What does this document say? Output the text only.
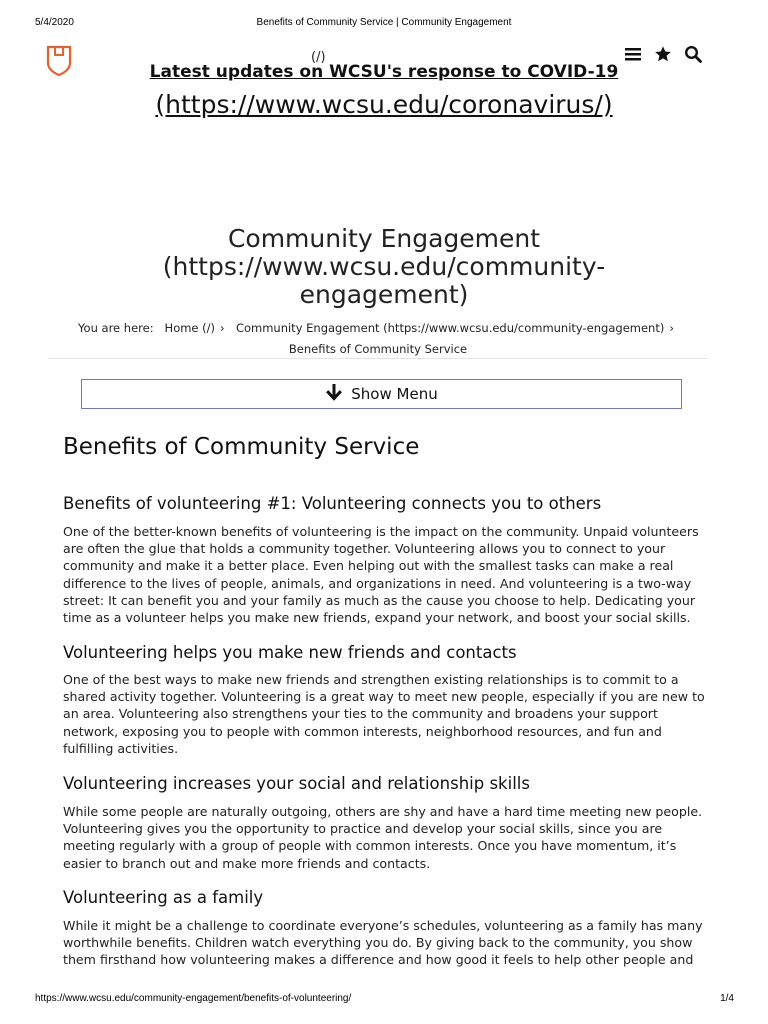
5/4/2020	Benefits of Community Service | Community Engagement
(/)
Latest updates on WCSU's response to COVID-19
(https://www.wcsu.edu/coronavirus/)
Community Engagement
(https://www.wcsu.edu/community-
engagement)
You are here: Home (/) › Community Engagement (https://www.wcsu.edu/community-engagement) ›
Benefits of Community Service
Show Menu
Benefits of Community Service
Benefits of volunteering #1: Volunteering connects you to others

One of the better-known benefits of volunteering is the impact on the community. Unpaid volunteers
are often the glue that holds a community together. Volunteering allows you to connect to your
community and make it a better place. Even helping out with the smallest tasks can make a real
difference to the lives of people, animals, and organizations in need. And volunteering is a two-way
street: It can benefit you and your family as much as the cause you choose to help. Dedicating your
time as a volunteer helps you make new friends, expand your network, and boost your social skills.

Volunteering helps you make new friends and contacts

One of the best ways to make new friends and strengthen existing relationships is to commit to a
shared activity together. Volunteering is a great way to meet new people, especially if you are new to
an area. Volunteering also strengthens your ties to the community and broadens your support
network, exposing you to people with common interests, neighborhood resources, and fun and
fulfilling activities.

Volunteering increases your social and relationship skills

While some people are naturally outgoing, others are shy and have a hard time meeting new people.
Volunteering gives you the opportunity to practice and develop your social skills, since you are
meeting regularly with a group of people with common interests. Once you have momentum, it’s
easier to branch out and make more friends and contacts.

Volunteering as a family

While it might be a challenge to coordinate everyone’s schedules, volunteering as a family has many
worthwhile benefits. Children watch everything you do. By giving back to the community, you show
them firsthand how volunteering makes a difference and how good it feels to help other people and

https://www.wcsu.edu/community-engagement/benefits-of-volunteering/	1/4
